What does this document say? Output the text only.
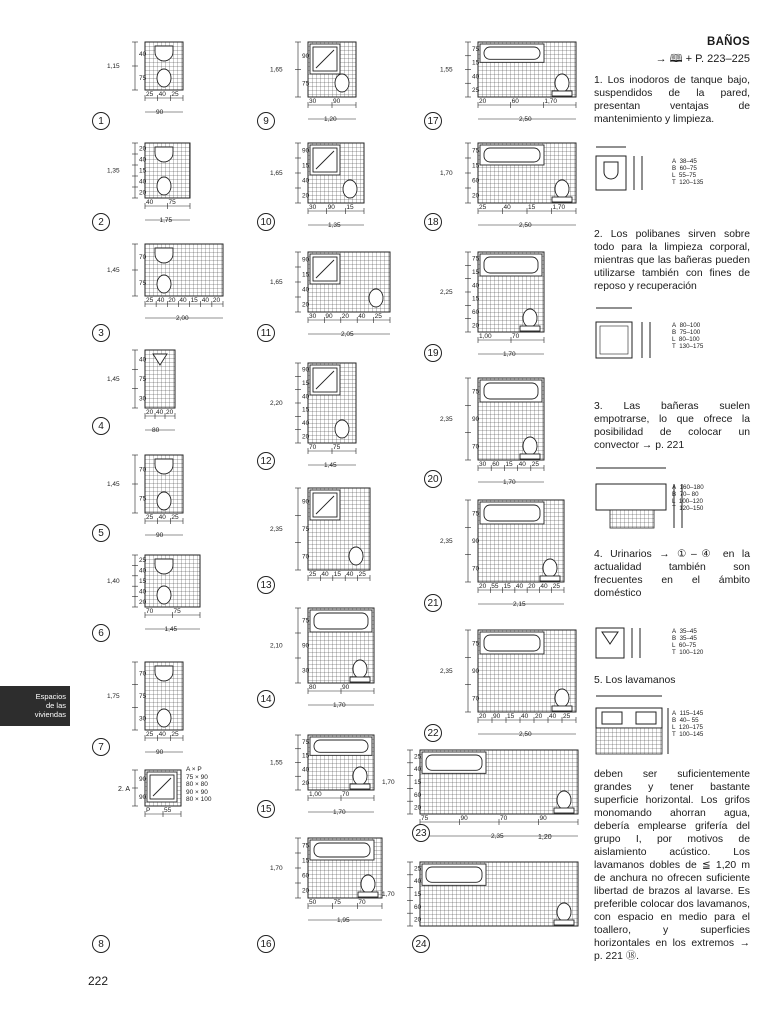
BAÑOS
→ 🕮 + P. 223–225
1. Los inodoros de tanque bajo, suspendidos de la pared, presentan ventajas de mantenimiento y limpieza.
2. Los polibanes sirven sobre todo para la limpieza corporal, mientras que las bañeras pueden utilizarse también con fines de reposo y recuperación
3. Las bañeras suelen empotrarse, lo que ofrece la posibilidad de colocar un convector → p. 221
4. Urinarios → ①–④ en la actualidad también son frecuentes en el ámbito doméstico
5. Los lavamanos
deben ser suficientemente grandes y tener bastante superficie horizontal. Los grifos monomando ahorran agua, debería emplearse grifería del grupo I, por motivos de aislamiento acústico. Los lavamanos dobles de ≦ 1,20 m de anchura no ofrecen suficiente libertad de brazos al lavarse. Es preferible colocar dos lavamanos, con espacio en medio para el toallero, y superficies horizontales en los extremos → p. 221 ⑱.
A 38–45
B 60–75
L 55–75
T 120–135
A 80–100
B 75–100
L 80–100
T 130–175
A 160–180
B 70– 80
L 100–120
T 120–150
A 35–45
B 35–45
L 60–75
T 100–120
A 115–145
B 40– 55
L 120–175
T 100–145
Espacios
de las
viviendas
222
A × P
75 × 90
80 × 80
90 × 90
80 × 100
2. A
1,20
40
75
1,15
25 40 25
90
1
20
40
15
40
20
1,35
40 75
1,75
2
70
75
1,45
25 40 20 40 15 40 20
2,00
3
40
75
30
1,45
20 40 20
80
4
70
75
1,45
25 40 25
90
5
25
40
15
40
20
1,40
70	75
1,45
6
70
75
30
1,75
25 40 25
90
7
90
90
P 55
8
90
75
1,65
30	90
1,20
9
90
15
40
20
1,65
30 90 15
1,35
10
90
15
40
20
1,65
30 90 20 40 25
2,05
11
90
15
40
15
40
20
2,20
70	75
1,45
12
90
75
70
2,35
25 40 15 40 25
13
75
90
30
2,10
80	90
1,70
14
75
15
40
20
1,55
1,00	70
1,70
15
75
15
60
20
1,70
50	75	70
1,95
16
75
15
40
25
1,55
20	60	1,70
2,50
17
75
15
60
20
1,70
25	40	15	1,70
2,50
18
75
15
40
15
60
20
2,25
1,00	70
1,70
19
75
90
70
2,35
30 60 15 40 25
1,70
20
75
90
70
2,35
20 55 15 40 20 40 25
2,15
21
75
90
70
2,35
20 90 15 40 20 40 25
2,50
22
25
40
15
60
20
1,70
75	90	70	90
2,35
23
25
40
15
60
20
1,70
24
